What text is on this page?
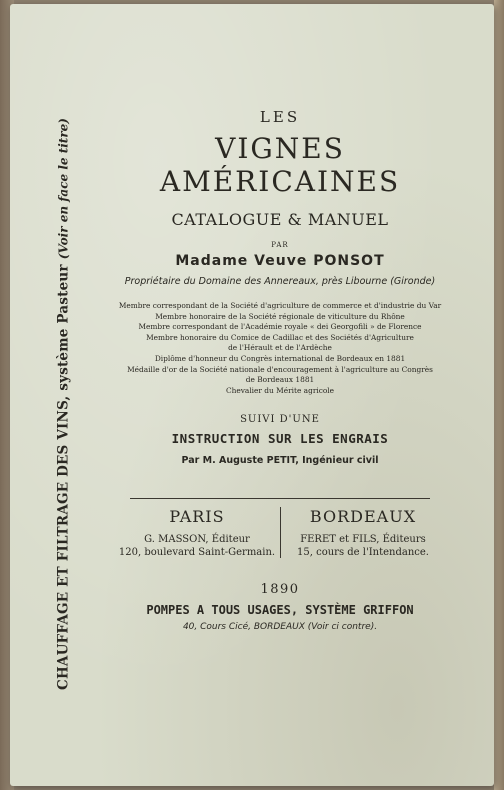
CHAUFFAGE ET FILTRAGE DES VINS, système Pasteur (Voir en face le titre)
LES
VIGNES AMÉRICAINES
CATALOGUE & MANUEL
PAR
Madame Veuve PONSOT
Propriétaire du Domaine des Annereaux, près Libourne (Gironde)
Membre correspondant de la Société d'agriculture de commerce et d'industrie du Var
Membre honoraire de la Société régionale de viticulture du Rhône
Membre correspondant de l'Académie royale « dei Georgofili » de Florence
Membre honoraire du Comice de Cadillac et des Sociétés d'Agriculture
de l'Hérault et de l'Ardèche
Diplôme d'honneur du Congrès international de Bordeaux en 1881
Médaille d'or de la Société nationale d'encouragement à l'agriculture au Congrès
de Bordeaux 1881
Chevalier du Mérite agricole
SUIVI D'UNE
INSTRUCTION SUR LES ENGRAIS
Par M. Auguste PETIT, Ingénieur civil
PARIS
G. MASSON, Éditeur
120, boulevard Saint-Germain.
BORDEAUX
FERET et FILS, Éditeurs
15, cours de l'Intendance.
1890
POMPES A TOUS USAGES, SYSTÈME GRIFFON
40, Cours Cicé, BORDEAUX (Voir ci contre).
